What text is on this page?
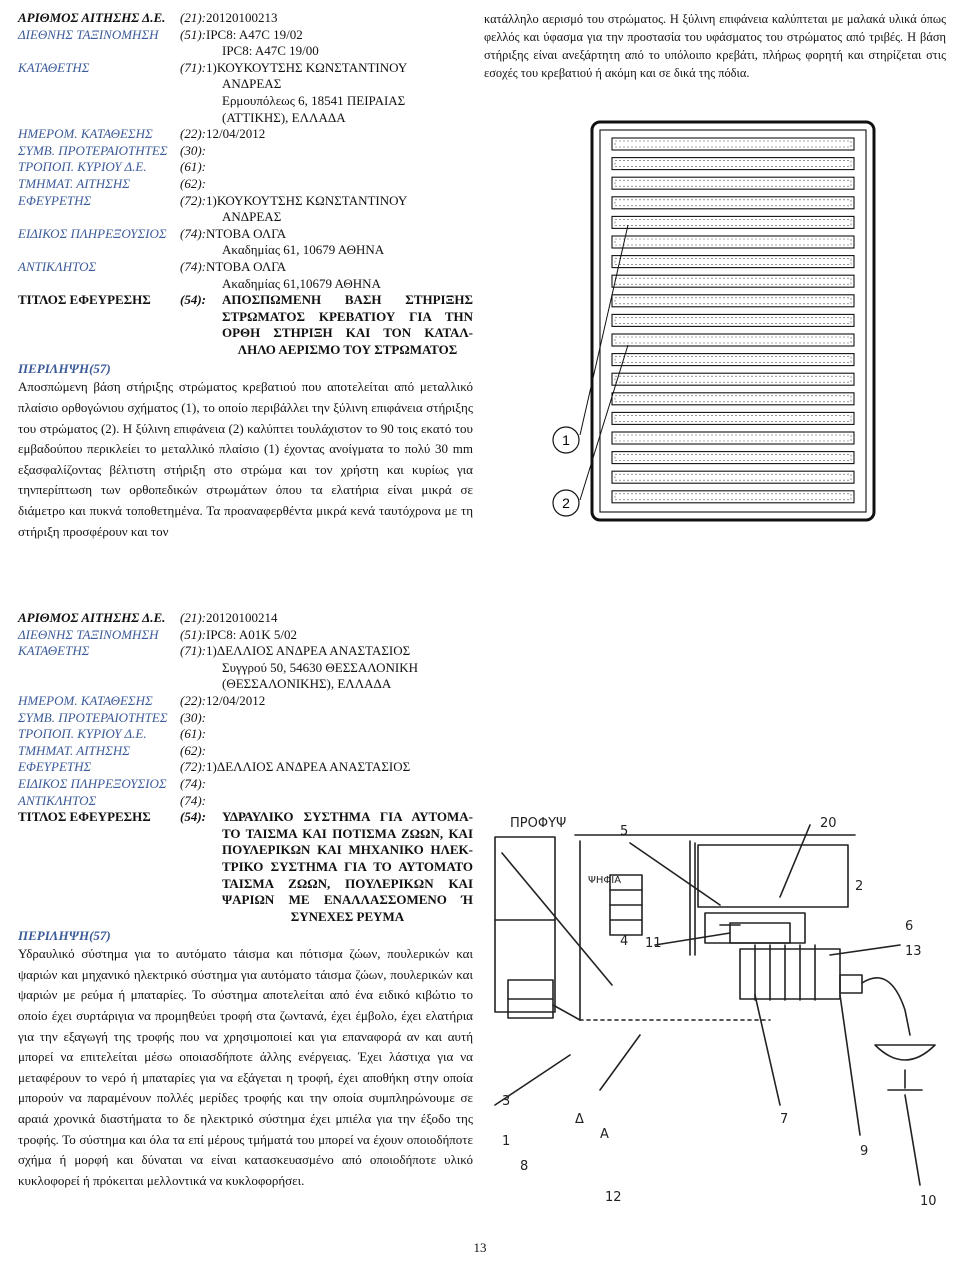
ΑΡΙΘΜΟΣ ΑΙΤΗΣΗΣ Δ.Ε.	(21):20120100213
ΔΙΕΘΝΗΣ ΤΑΞΙΝΟΜΗΣΗ	(51):IPC8: A47C 19/02
IPC8: A47C 19/00
ΚΑΤΑΘΕΤΗΣ	(71):1)ΚΟΥΚΟΥΤΣΗΣ ΚΩΝΣΤΑΝΤΙΝΟΥ
ΑΝΔΡΕΑΣ
Ερμουπόλεως 6, 18541 ΠΕΙΡΑΙΑΣ
(ΑΤΤΙΚΗΣ), ΕΛΛΑΔΑ
ΗΜΕΡΟΜ. ΚΑΤΑΘΕΣΗΣ	(22):12/04/2012
ΣΥΜΒ. ΠΡΟΤΕΡΑΙΟΤΗΤΕΣ (30):
ΤΡΟΠΟΠ. ΚΥΡΙΟΥ Δ.Ε.	(61):
ΤΜΗΜΑΤ. ΑΙΤΗΣΗΣ	(62):
ΕΦΕΥΡΕΤΗΣ	(72):1)ΚΟΥΚΟΥΤΣΗΣ ΚΩΝΣΤΑΝΤΙΝΟΥ
ΑΝΔΡΕΑΣ
ΕΙΔΙΚΟΣ ΠΛΗΡΕΞΟΥΣΙΟΣ	(74):ΝΤΟΒΑ ΟΛΓΑ
Ακαδημίας 61, 10679 ΑΘΗΝΑ
ΑΝΤΙΚΛΗΤΟΣ	(74):ΝΤΟΒΑ ΟΛΓΑ
Ακαδημίας 61,10679 ΑΘΗΝΑ
ΤΙΤΛΟΣ ΕΦΕΥΡΕΣΗΣ	(54):	ΑΠΟΣΠΩΜΕΝΗ ΒΑΣΗ ΣΤΗΡΙΞΗΣ
ΣΤΡΩΜΑΤΟΣ ΚΡΕΒΑΤΙΟΥ ΓΙΑ ΤΗΝ
ΟΡΘΗ ΣΤΗΡΙΞΗ ΚΑΙ ΤΟΝ ΚΑΤΑΛ-
ΛΗΛΟ ΑΕΡΙΣΜΟ ΤΟΥ ΣΤΡΩΜΑΤΟΣ
ΠΕΡΙΛΗΨΗ(57)

Αποσπώμενη βάση στήριξης στρώματος κρεβατιού που αποτελείται από μεταλλικό πλαίσιο ορθογώνιου σχήματος (1), το οποίο περιβάλλει την ξύλινη επιφάνεια στήριξης του στρώματος (2). Η ξύλινη επιφάνεια (2) καλύπτει τουλάχιστον το 90 τοις εκατό του εμβαδούπου περικλείει το μεταλλικό πλαίσιο (1) έχοντας ανοίγματα το πολύ 30 mm εξασφαλίζοντας βέλτιστη στήριξη στο στρώμα και τον χρήστη και κυρίως για τηνπερίπτωση των ορθοπεδικών στρωμάτων όπου τα ελατήρια είναι μικρά σε διάμετρο και πυκνά τοποθετημένα. Τα προαναφερθέντα μικρά κενά ταυτόχρονα με τη στήριξη προσφέρουν και τον

κατάλληλο αερισμό του στρώματος. Η ξύλινη επιφάνεια καλύπτεται με μαλακά υλικά όπως φελλός και ύφασμα για την προστασία του υφάσματος του στρώματος από τριβές. Η βάση στήριξης είναι ανεξάρτητη από το υπόλοιπο κρεβάτι, πλήρως φορητή και στηρίζεται στις εσοχές του κρεβατιού ή ακόμη και σε δικά της πόδια.

1
2
ΑΡΙΘΜΟΣ ΑΙΤΗΣΗΣ Δ.Ε.	(21):20120100214
ΔΙΕΘΝΗΣ ΤΑΞΙΝΟΜΗΣΗ	(51):IPC8: A01K 5/02
ΚΑΤΑΘΕΤΗΣ	(71):1)ΔΕΛΛΙΟΣ ΑΝΔΡΕΑ ΑΝΑΣΤΑΣΙΟΣ
Συγγρού 50, 54630 ΘΕΣΣΑΛΟΝΙΚΗ
(ΘΕΣΣΑΛΟΝΙΚΗΣ), ΕΛΛΑΔΑ
ΗΜΕΡΟΜ. ΚΑΤΑΘΕΣΗΣ	(22):12/04/2012
ΣΥΜΒ. ΠΡΟΤΕΡΑΙΟΤΗΤΕΣ (30):
ΤΡΟΠΟΠ. ΚΥΡΙΟΥ Δ.Ε.	(61):
ΤΜΗΜΑΤ. ΑΙΤΗΣΗΣ	(62):
ΕΦΕΥΡΕΤΗΣ	(72):1)ΔΕΛΛΙΟΣ ΑΝΔΡΕΑ ΑΝΑΣΤΑΣΙΟΣ
ΕΙΔΙΚΟΣ ΠΛΗΡΕΞΟΥΣΙΟΣ	(74):
ΑΝΤΙΚΛΗΤΟΣ	(74):
ΤΙΤΛΟΣ ΕΦΕΥΡΕΣΗΣ	(54):	ΥΔΡΑΥΛΙΚΟ ΣΥΣΤΗΜΑ ΓΙΑ ΑΥΤΟΜΑ-
ΤΟ ΤΑΙΣΜΑ ΚΑΙ ΠΟΤΙΣΜΑ ΖΩΩΝ, ΚΑΙ
ΠΟΥΛΕΡΙΚΩΝ ΚΑΙ ΜΗΧΑΝΙΚΟ ΗΛΕΚ-
ΤΡΙΚΟ ΣΥΣΤΗΜΑ ΓΙΑ ΤΟ ΑΥΤΟΜΑΤΟ
ΤΑΙΣΜΑ ΖΩΩΝ, ΠΟΥΛΕΡΙΚΩΝ ΚΑΙ
ΨΑΡΙΩΝ ΜΕ ΕΝΑΛΛΑΣΣΟΜΕΝΟ Ή
ΣΥΝΕΧΕΣ ΡΕΥΜΑ
ΠΕΡΙΛΗΨΗ(57)

Υδραυλικό σύστημα για το αυτόματο τάισμα και πότισμα ζώων, πουλερικών και ψαριών και μηχανικό ηλεκτρικό σύστημα για αυτόματο τάισμα ζώων, πουλερικών και ψαριών με ρεύμα ή μπαταρίες. Το σύστημα αποτελείται από ένα ειδικό κιβώτιο το οποίο έχει συρτάριγια να προμηθεύει τροφή στα ζωντανά, έχει έμβολο, έχει ελατήρια για την εξαγωγή της τροφής που να χρησιμοποιεί και για επαναφορά αν και αυτή μπορεί να επιτελείται μέσω οποιασδήποτε άλλης ενέργειας. Έχει λάστιχα για να μεταφέρουν το νερό ή μπαταρίες για να εξάγεται η τροφή, έχει αποθήκη στην οποία μπορούν να παραμένουν πολλές μερίδες τροφής και την οποία συμπληρώνουμε σε αραιά χρονικά διαστήματα το δε ηλεκτρικό σύστημα έχει μπιέλα για την έξοδο της τροφής. Το σύστημα και όλα τα επί μέρους τμήματά του μπορεί να έχουν οποιοδήποτε σχήμα ή μορφή και δύναται να είναι κατασκευασμένο από οποιοδήποτε υλικό κυκλοφορεί ή πρόκειται μελλοντικά να κυκλοφορήσει.

ΠΡΟΦΥΨ
ΨΗΦΙΑ
5
4 11
3
1
8
Δ
Α
12
20
2
6
13
7
9
10
13
